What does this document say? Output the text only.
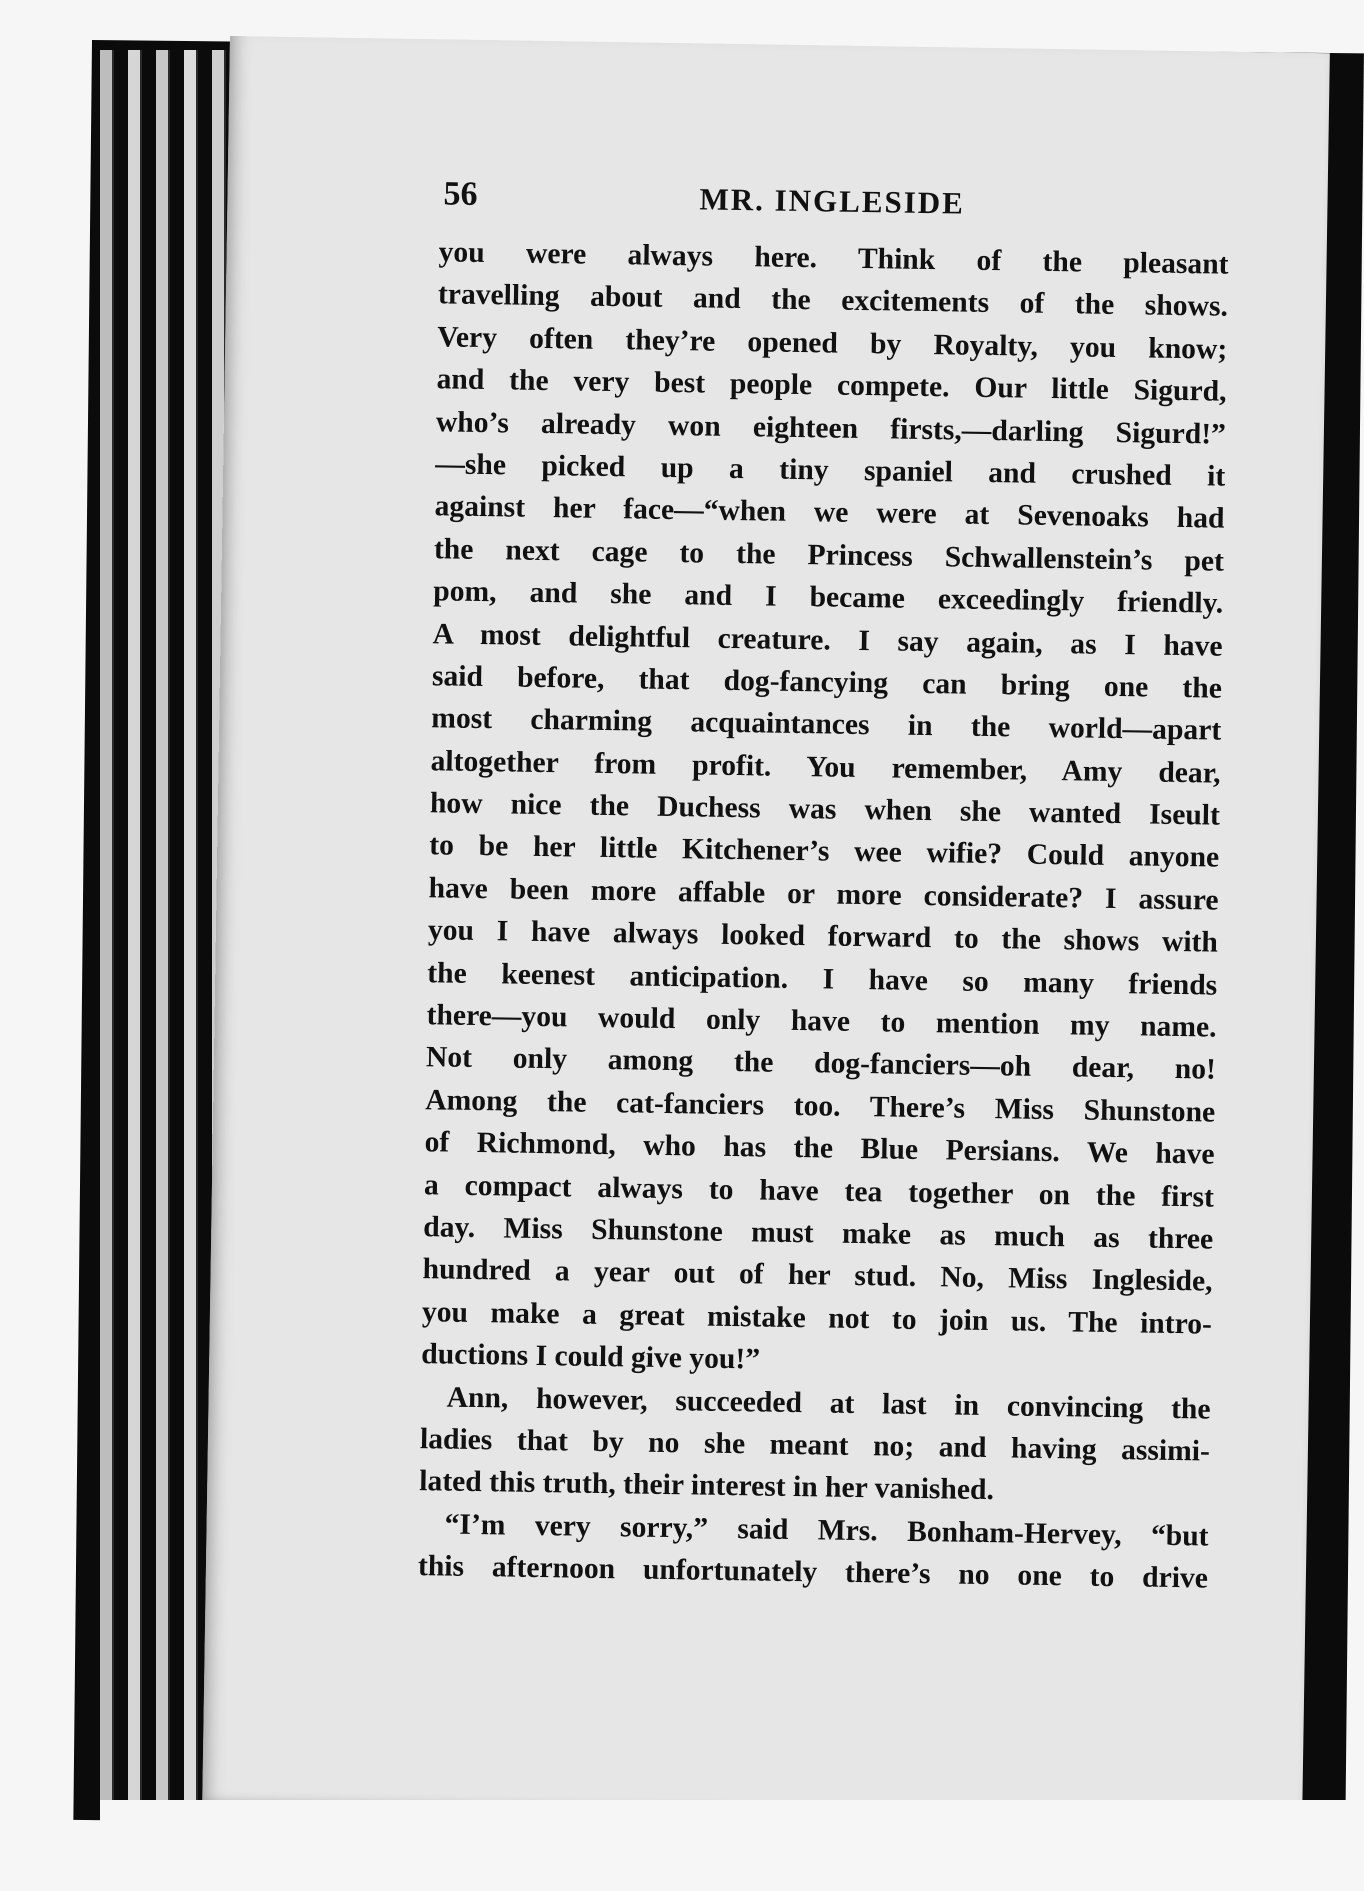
56	MR. INGLESIDE
you were always here. Think of the pleasant
travelling about and the excitements of the shows.
Very often they’re opened by Royalty, you know;
and the very best people compete. Our little Sigurd,
who’s already won eighteen firsts,—darling Sigurd!”
—she picked up a tiny spaniel and crushed it
against her face—“when we were at Sevenoaks had
the next cage to the Princess Schwallenstein’s pet
pom, and she and I became exceedingly friendly.
A most delightful creature. I say again, as I have
said before, that dog-fancying can bring one the
most charming acquaintances in the world—apart
altogether from profit. You remember, Amy dear,
how nice the Duchess was when she wanted Iseult
to be her little Kitchener’s wee wifie? Could anyone
have been more affable or more considerate? I assure
you I have always looked forward to the shows with
the keenest anticipation. I have so many friends
there—you would only have to mention my name.
Not only among the dog-fanciers—oh dear, no!
Among the cat-fanciers too. There’s Miss Shunstone
of Richmond, who has the Blue Persians. We have
a compact always to have tea together on the first
day. Miss Shunstone must make as much as three
hundred a year out of her stud. No, Miss Ingleside,
you make a great mistake not to join us. The intro-
ductions I could give you!”
Ann, however, succeeded at last in convincing the
ladies that by no she meant no; and having assimi-
lated this truth, their interest in her vanished.
“I’m very sorry,” said Mrs. Bonham-Hervey, “but
this afternoon unfortunately there’s no one to drive
